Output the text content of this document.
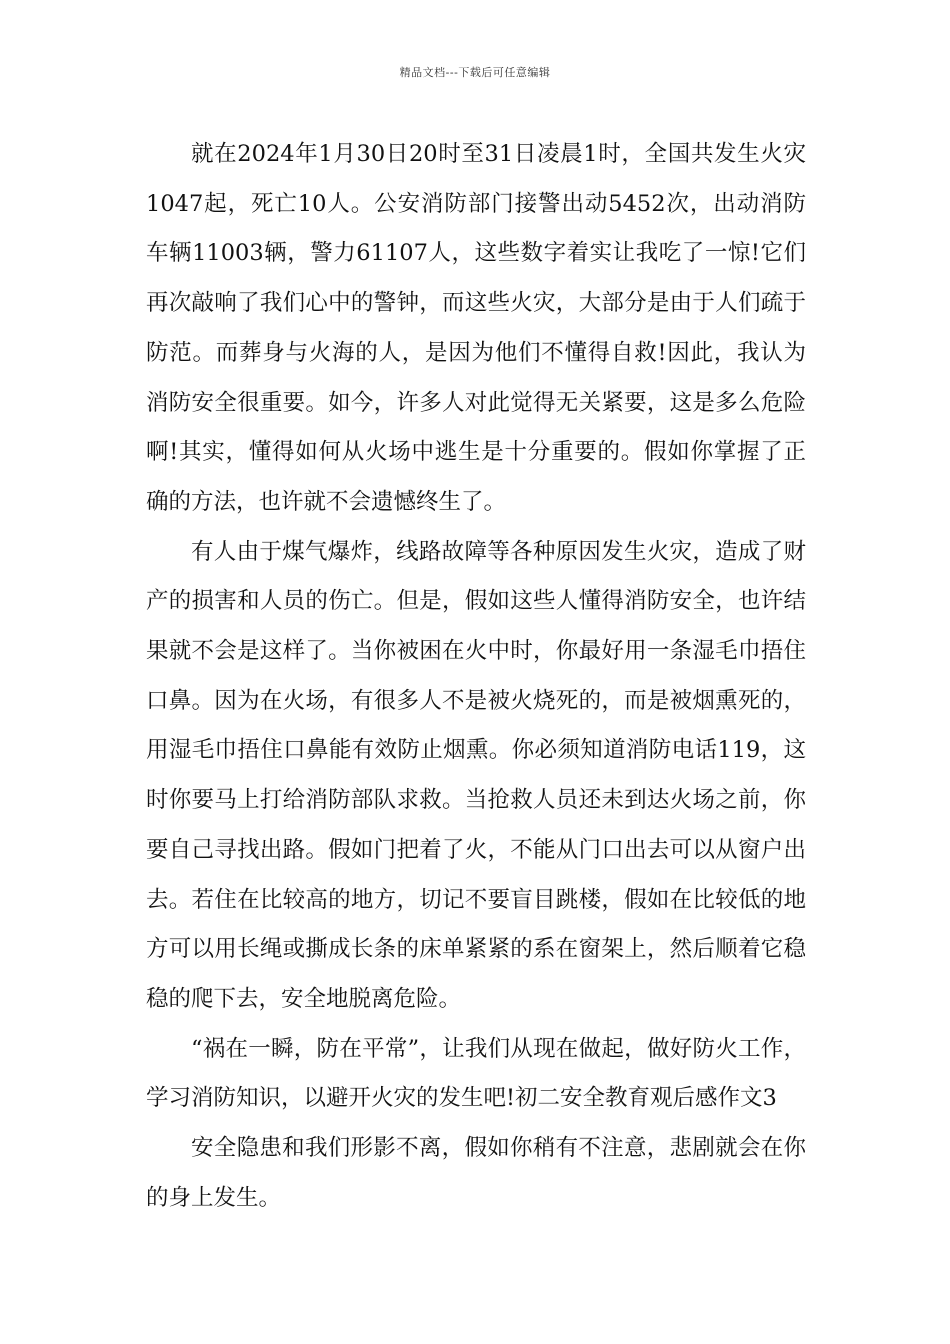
精品文档---下载后可任意编辑

就在2024年1月30日20时至31日凌晨1时，全国共发生火灾1047起，死亡10人。公安消防部门接警出动5452次，出动消防车辆11003辆，警力61107人，这些数字着实让我吃了一惊!它们再次敲响了我们心中的警钟，而这些火灾，大部分是由于人们疏于防范。而葬身与火海的人，是因为他们不懂得自救!因此，我认为消防安全很重要。如今，许多人对此觉得无关紧要，这是多么危险啊!其实，懂得如何从火场中逃生是十分重要的。假如你掌握了正确的方法，也许就不会遗憾终生了。

有人由于煤气爆炸，线路故障等各种原因发生火灾，造成了财产的损害和人员的伤亡。但是，假如这些人懂得消防安全，也许结果就不会是这样了。当你被困在火中时，你最好用一条湿毛巾捂住口鼻。因为在火场，有很多人不是被火烧死的，而是被烟熏死的，用湿毛巾捂住口鼻能有效防止烟熏。你必须知道消防电话119，这时你要马上打给消防部队求救。当抢救人员还未到达火场之前，你要自己寻找出路。假如门把着了火，不能从门口出去可以从窗户出去。若住在比较高的地方，切记不要盲目跳楼，假如在比较低的地方可以用长绳或撕成长条的床单紧紧的系在窗架上，然后顺着它稳稳的爬下去，安全地脱离危险。

“祸在一瞬，防在平常”，让我们从现在做起，做好防火工作，学习消防知识，以避开火灾的发生吧!初二安全教育观后感作文3

安全隐患和我们形影不离，假如你稍有不注意，悲剧就会在你的身上发生。
